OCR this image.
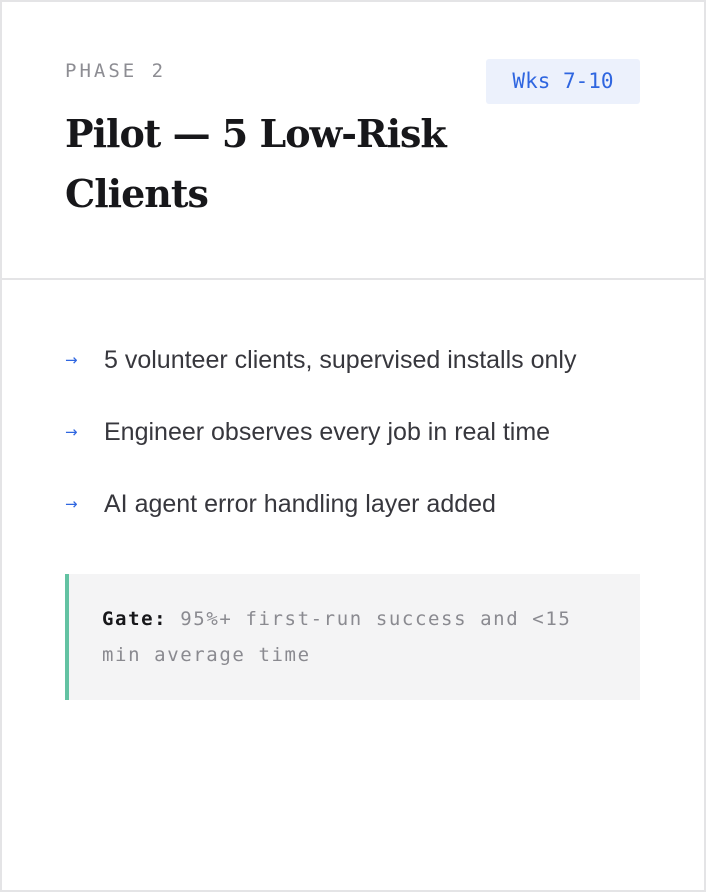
PHASE 2	Wks 7-10
Pilot — 5 Low-Risk Clients
→ 5 volunteer clients, supervised installs only
→ Engineer observes every job in real time
→ AI agent error handling layer added
Gate: 95%+ first-run success and <15 min average time
